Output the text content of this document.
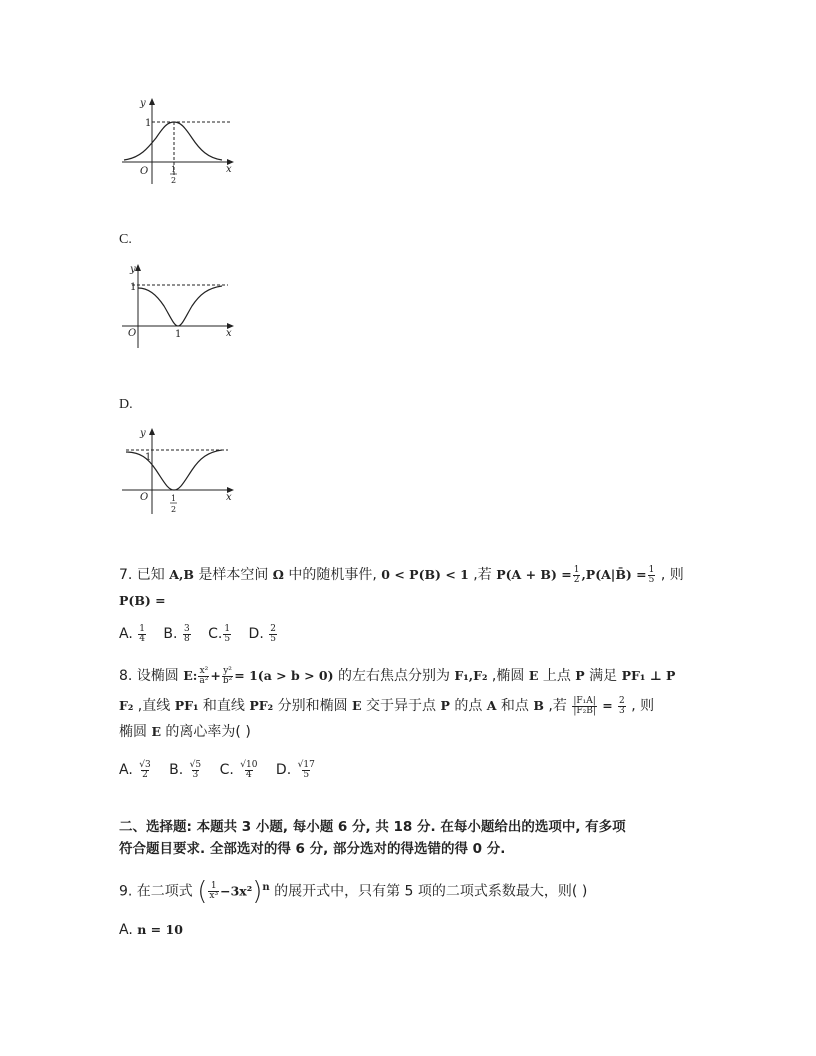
y
x
O
1
1
2
C.
y
x
O
1
1
D.
y
x
O
1
1
2
7. 已知 A,B 是样本空间 Ω 中的随机事件, 0 < P(B) < 1 ,若 $P(A + B) = \frac{1}{2}$ ,P(A|B̄) = $\frac{1}{5}$ , 则
P(B) =
A. $\frac{1}{4} B$. $\frac{3}{8} C$. $\frac{1}{5} D$. $\frac{2}{5}$
8. 设椭圆 E: $\frac{\text{x²}}{\text{a²}} + \frac{\text{y²}}{\text{b²}} = 1(a > b > 0)$ 的左右焦点分别为 F₁,F₂ ,椭圆 E 上点 P 满足 PF₁ ⊥ P
F₂ ,直线 PF₁ 和直线 PF₂ 分别和椭圆 E 交于异于点 P 的点 A 和点 B ,若 $\frac{\text{|F₁A|}}{\text{|F₂B|}} = \frac{2}{3}$ , 则
椭圆 E 的离心率为( )
A. $\frac{√3}{2} B$. $\frac{√5}{3} C$. $\frac{√10}{4} D$. $\frac{√17}{5}$
二、选择题: 本题共 3 小题, 每小题 6 分, 共 18 分. 在每小题给出的选项中, 有多项
符合题目要求. 全部选对的得 6 分, 部分选对的得选错的得 0 分.
9. 在二项式 ( $\frac{1}{\text{x³}} -3x^2)^n$ 的展开式中，只有第 5 项的二项式系数最大，则( )
A. n = 10
